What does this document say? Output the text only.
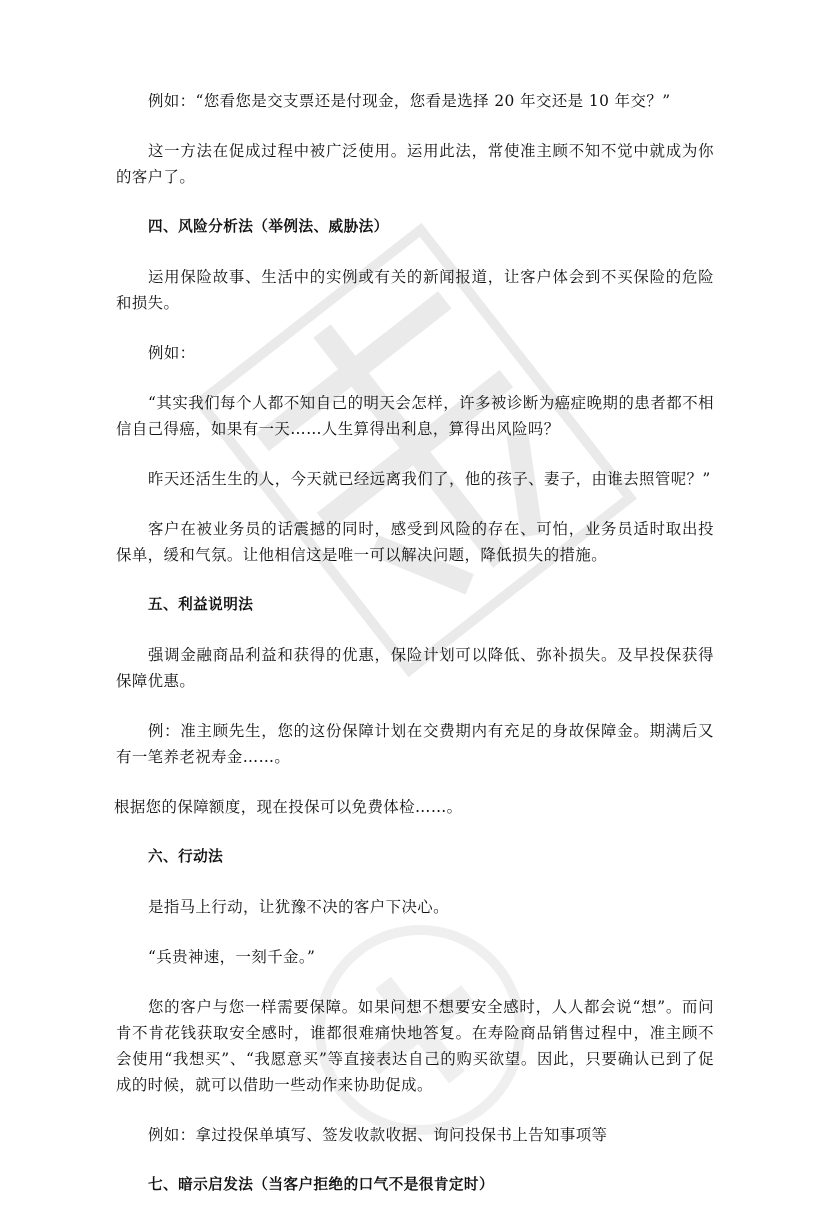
例如：“您看您是交支票还是付现金，您看是选择 20 年交还是 10 年交？”

这一方法在促成过程中被广泛使用。运用此法，常使准主顾不知不觉中就成为你的客户了。

四、风险分析法（举例法、威胁法）

运用保险故事、生活中的实例或有关的新闻报道，让客户体会到不买保险的危险和损失。

例如：

“其实我们每个人都不知自己的明天会怎样，许多被诊断为癌症晚期的患者都不相信自己得癌，如果有一天……人生算得出利息，算得出风险吗？

昨天还活生生的人，今天就已经远离我们了，他的孩子、妻子，由谁去照管呢？”

客户在被业务员的话震撼的同时，感受到风险的存在、可怕，业务员适时取出投保单，缓和气氛。让他相信这是唯一可以解决问题，降低损失的措施。

五、利益说明法

强调金融商品利益和获得的优惠，保险计划可以降低、弥补损失。及早投保获得保障优惠。

例：准主顾先生，您的这份保障计划在交费期内有充足的身故保障金。期满后又有一笔养老祝寿金……。

根据您的保障额度，现在投保可以免费体检……。

六、行动法

是指马上行动，让犹豫不决的客户下决心。

“兵贵神速，一刻千金。”

您的客户与您一样需要保障。如果问想不想要安全感时，人人都会说“想”。而问肯不肯花钱获取安全感时，谁都很难痛快地答复。在寿险商品销售过程中，准主顾不会使用“我想买”、“我愿意买”等直接表达自己的购买欲望。因此，只要确认已到了促成的时候，就可以借助一些动作来协助促成。

例如：拿过投保单填写、签发收款收据、询问投保书上告知事项等

七、暗示启发法（当客户拒绝的口气不是很肯定时）
